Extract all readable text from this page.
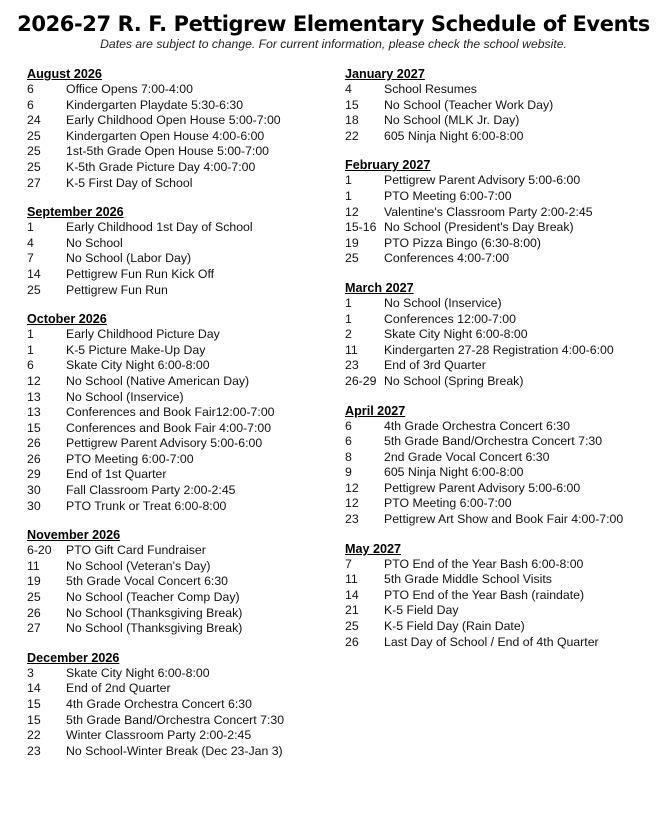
2026-27 R. F. Pettigrew Elementary Schedule of Events
Dates are subject to change. For current information, please check the school website.
August 2026
6	Office Opens 7:00-4:00
6	Kindergarten Playdate 5:30-6:30
24	Early Childhood Open House 5:00-7:00
25	Kindergarten Open House 4:00-6:00
25	1st-5th Grade Open House 5:00-7:00
25	K-5th Grade Picture Day 4:00-7:00
27	K-5 First Day of School
September 2026
1	Early Childhood 1st Day of School
4	No School
7	No School (Labor Day)
14	Pettigrew Fun Run Kick Off
25	Pettigrew Fun Run
October 2026
1	Early Childhood Picture Day
1	K-5 Picture Make-Up Day
6	Skate City Night 6:00-8:00
12	No School (Native American Day)
13	No School (Inservice)
13	Conferences and Book Fair12:00-7:00
15	Conferences and Book Fair 4:00-7:00
26	Pettigrew Parent Advisory 5:00-6:00
26	PTO Meeting 6:00-7:00
29	End of 1st Quarter
30	Fall Classroom Party 2:00-2:45
30	PTO Trunk or Treat 6:00-8:00
November 2026
6-20	PTO Gift Card Fundraiser
11	No School (Veteran's Day)
19	5th Grade Vocal Concert 6:30
25	No School (Teacher Comp Day)
26	No School (Thanksgiving Break)
27	No School (Thanksgiving Break)
December 2026
3	Skate City Night 6:00-8:00
14	End of 2nd Quarter
15	4th Grade Orchestra Concert 6:30
15	5th Grade Band/Orchestra Concert 7:30
22	Winter Classroom Party 2:00-2:45
23	No School-Winter Break (Dec 23-Jan 3)
January 2027
4	School Resumes
15	No School (Teacher Work Day)
18	No School (MLK Jr. Day)
22	605 Ninja Night 6:00-8:00
February 2027
1	Pettigrew Parent Advisory 5:00-6:00
1	PTO Meeting 6:00-7:00
12	Valentine's Classroom Party 2:00-2:45
15-16 No School (President's Day Break)
19	PTO Pizza Bingo (6:30-8:00)
25	Conferences 4:00-7:00
March 2027
1	No School (Inservice)
1	Conferences 12:00-7:00
2	Skate City Night 6:00-8:00
11	Kindergarten 27-28 Registration 4:00-6:00
23	End of 3rd Quarter
26-29 No School (Spring Break)
April 2027
6	4th Grade Orchestra Concert 6:30
6	5th Grade Band/Orchestra Concert 7:30
8	2nd Grade Vocal Concert 6:30
9	605 Ninja Night 6:00-8:00
12	Pettigrew Parent Advisory 5:00-6:00
12	PTO Meeting 6:00-7:00
23	Pettigrew Art Show and Book Fair 4:00-7:00
May 2027
7	PTO End of the Year Bash 6:00-8:00
11	5th Grade Middle School Visits
14	PTO End of the Year Bash (raindate)
21	K-5 Field Day
25	K-5 Field Day (Rain Date)
26	Last Day of School / End of 4th Quarter
